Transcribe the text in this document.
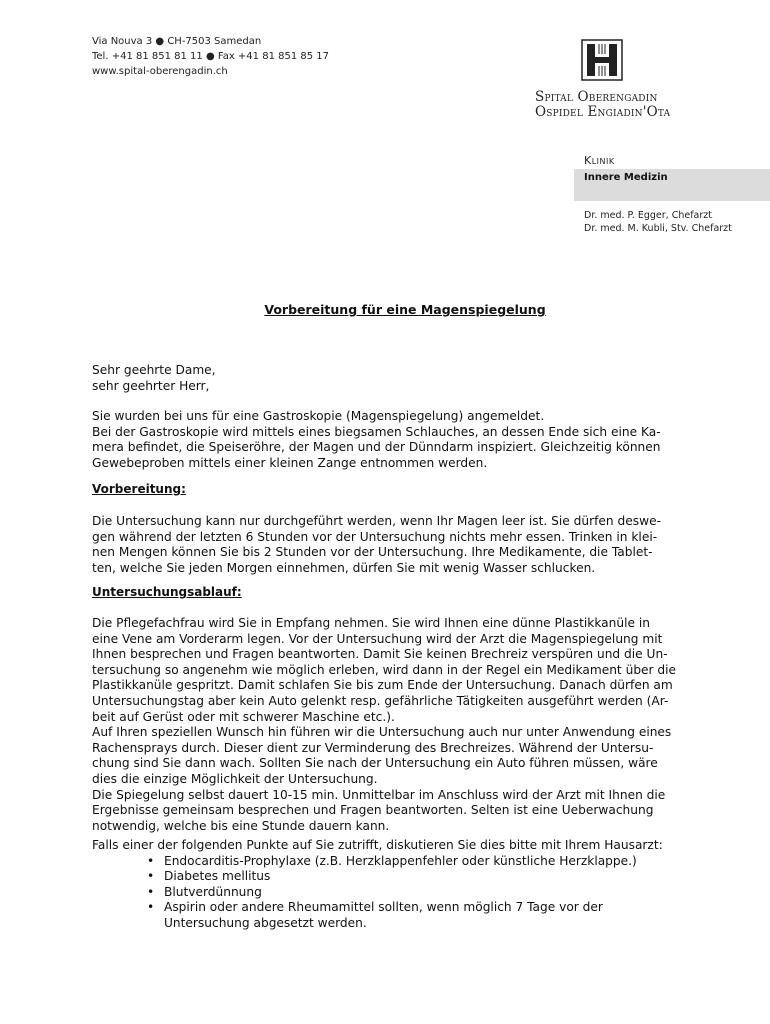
Via Nouva 3 ● CH-7503 Samedan
Tel. +41 81 851 81 11 ● Fax +41 81 851 85 17
www.spital-oberengadin.ch
Spital Oberengadin
Ospidel Engiadin'Ota
Klinik
Innere Medizin
Dr. med. P. Egger, Chefarzt
Dr. med. M. Kubli, Stv. Chefarzt
Vorbereitung für eine Magenspiegelung

Sehr geehrte Dame,

sehr geehrter Herr,

Sie wurden bei uns für eine Gastroskopie (Magenspiegelung) angemeldet.

Bei der Gastroskopie wird mittels eines biegsamen Schlauches, an dessen Ende sich eine Ka-

mera befindet, die Speiseröhre, der Magen und der Dünndarm inspiziert. Gleichzeitig können

Gewebeproben mittels einer kleinen Zange entnommen werden.

Vorbereitung:

Die Untersuchung kann nur durchgeführt werden, wenn Ihr Magen leer ist. Sie dürfen deswe-

gen während der letzten 6 Stunden vor der Untersuchung nichts mehr essen. Trinken in klei-

nen Mengen können Sie bis 2 Stunden vor der Untersuchung. Ihre Medikamente, die Tablet-

ten, welche Sie jeden Morgen einnehmen, dürfen Sie mit wenig Wasser schlucken.

Untersuchungsablauf:

Die Pflegefachfrau wird Sie in Empfang nehmen. Sie wird Ihnen eine dünne Plastikkanüle in

eine Vene am Vorderarm legen. Vor der Untersuchung wird der Arzt die Magenspiegelung mit

Ihnen besprechen und Fragen beantworten. Damit Sie keinen Brechreiz verspüren und die Un-

tersuchung so angenehm wie möglich erleben, wird dann in der Regel ein Medikament über die

Plastikkanüle gespritzt. Damit schlafen Sie bis zum Ende der Untersuchung. Danach dürfen am

Untersuchungstag aber kein Auto gelenkt resp. gefährliche Tätigkeiten ausgeführt werden (Ar-

beit auf Gerüst oder mit schwerer Maschine etc.).

Auf Ihren speziellen Wunsch hin führen wir die Untersuchung auch nur unter Anwendung eines

Rachensprays durch. Dieser dient zur Verminderung des Brechreizes. Während der Untersu-

chung sind Sie dann wach. Sollten Sie nach der Untersuchung ein Auto führen müssen, wäre

dies die einzige Möglichkeit der Untersuchung.

Die Spiegelung selbst dauert 10-15 min. Unmittelbar im Anschluss wird der Arzt mit Ihnen die

Ergebnisse gemeinsam besprechen und Fragen beantworten. Selten ist eine Ueberwachung

notwendig, welche bis eine Stunde dauern kann.

Falls einer der folgenden Punkte auf Sie zutrifft, diskutieren Sie dies bitte mit Ihrem Hausarzt:

• Endocarditis-Prophylaxe (z.B. Herzklappenfehler oder künstliche Herzklappe.)
• Diabetes mellitus
• Blutverdünnung
• Aspirin oder andere Rheumamittel sollten, wenn möglich 7 Tage vor der
Untersuchung abgesetzt werden.
